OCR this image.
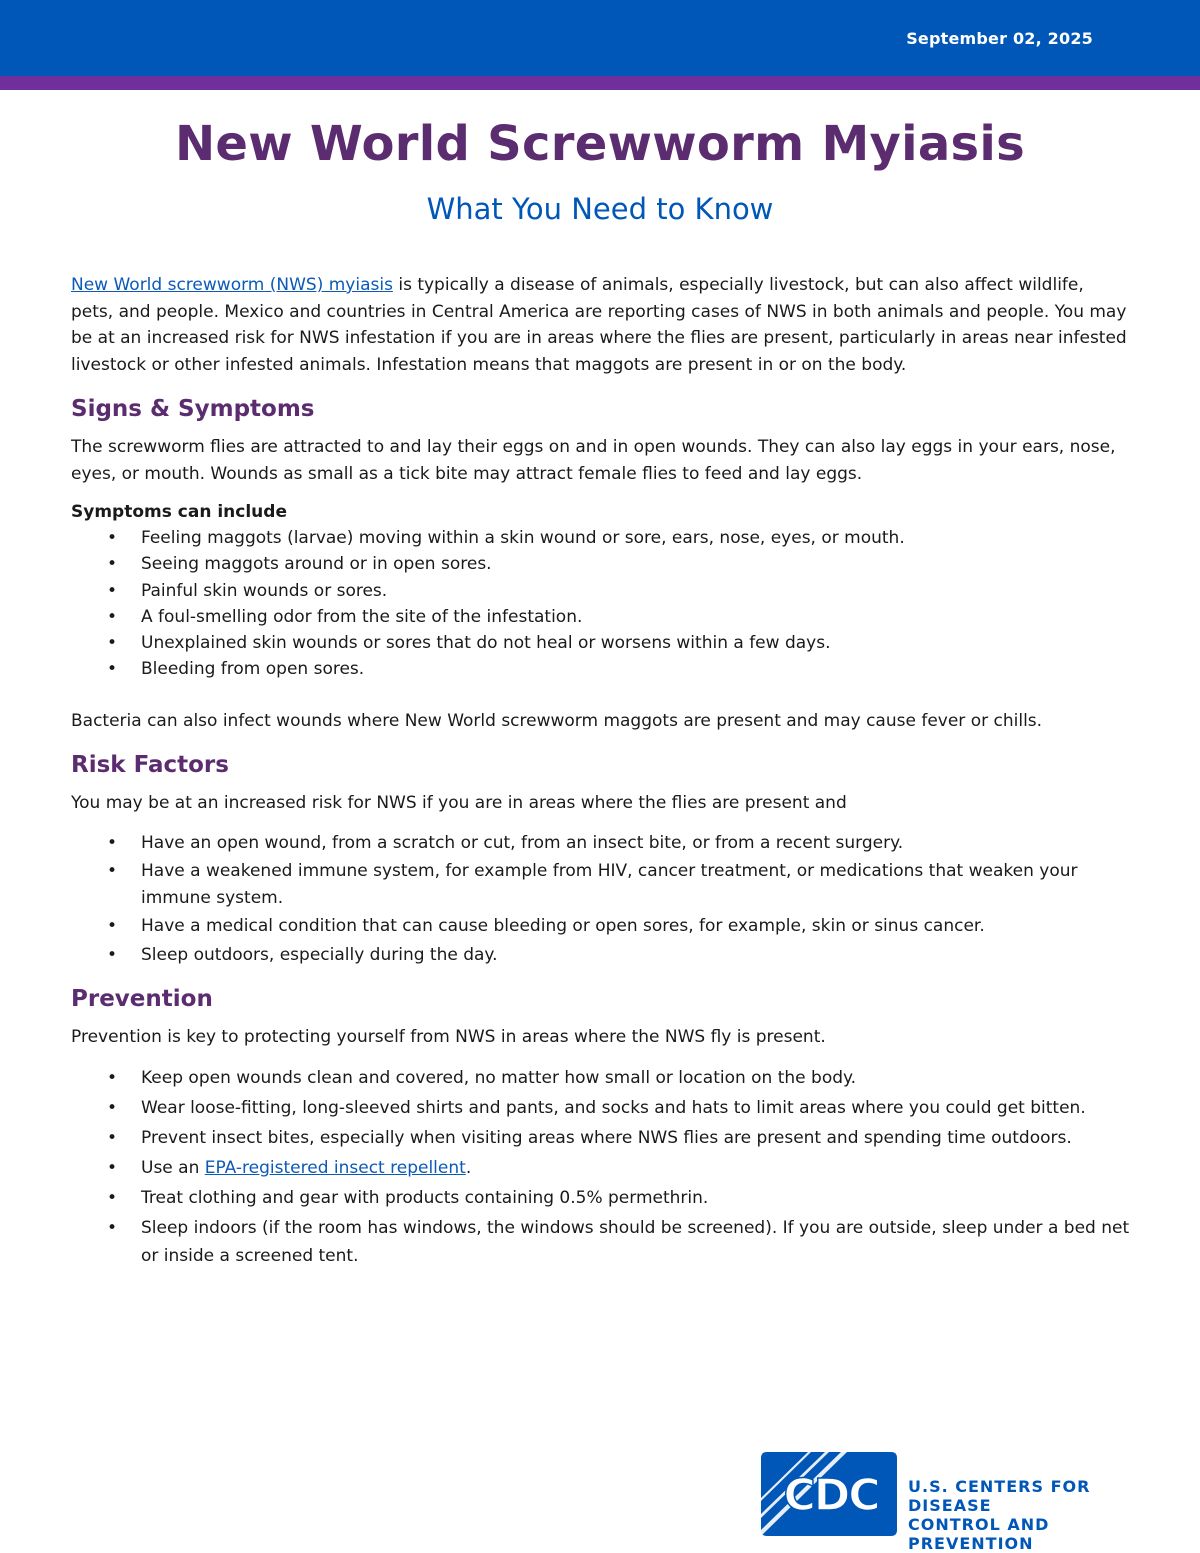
September 02, 2025
New World Screwworm Myiasis
What You Need to Know

New World screwworm (NWS) myiasis is typically a disease of animals, especially livestock, but can also affect wildlife, pets, and people. Mexico and countries in Central America are reporting cases of NWS in both animals and people. You may be at an increased risk for NWS infestation if you are in areas where the flies are present, particularly in areas near infested livestock or other infested animals. Infestation means that maggots are present in or on the body.

Signs & Symptoms

The screwworm flies are attracted to and lay their eggs on and in open wounds. They can also lay eggs in your ears, nose, eyes, or mouth. Wounds as small as a tick bite may attract female flies to feed and lay eggs.

Symptoms can include

• Feeling maggots (larvae) moving within a skin wound or sore, ears, nose, eyes, or mouth.
• Seeing maggots around or in open sores.
• Painful skin wounds or sores.
• A foul-smelling odor from the site of the infestation.
• Unexplained skin wounds or sores that do not heal or worsens within a few days.
• Bleeding from open sores.

Bacteria can also infect wounds where New World screwworm maggots are present and may cause fever or chills.

Risk Factors

You may be at an increased risk for NWS if you are in areas where the flies are present and

• Have an open wound, from a scratch or cut, from an insect bite, or from a recent surgery.
• Have a weakened immune system, for example from HIV, cancer treatment, or medications that weaken your immune system.
• Have a medical condition that can cause bleeding or open sores, for example, skin or sinus cancer.
• Sleep outdoors, especially during the day.
Prevention

Prevention is key to protecting yourself from NWS in areas where the NWS fly is present.

• Keep open wounds clean and covered, no matter how small or location on the body.
• Wear loose-fitting, long-sleeved shirts and pants, and socks and hats to limit areas where you could get bitten.
• Prevent insect bites, especially when visiting areas where NWS flies are present and spending time outdoors.
• Use an EPA-registered insect repellent.
• Treat clothing and gear with products containing 0.5% permethrin.
• Sleep indoors (if the room has windows, the windows should be screened). If you are outside, sleep under a bed net or inside a screened tent.
CDC U.S. CENTERS FOR DISEASE
CONTROL AND PREVENTION
